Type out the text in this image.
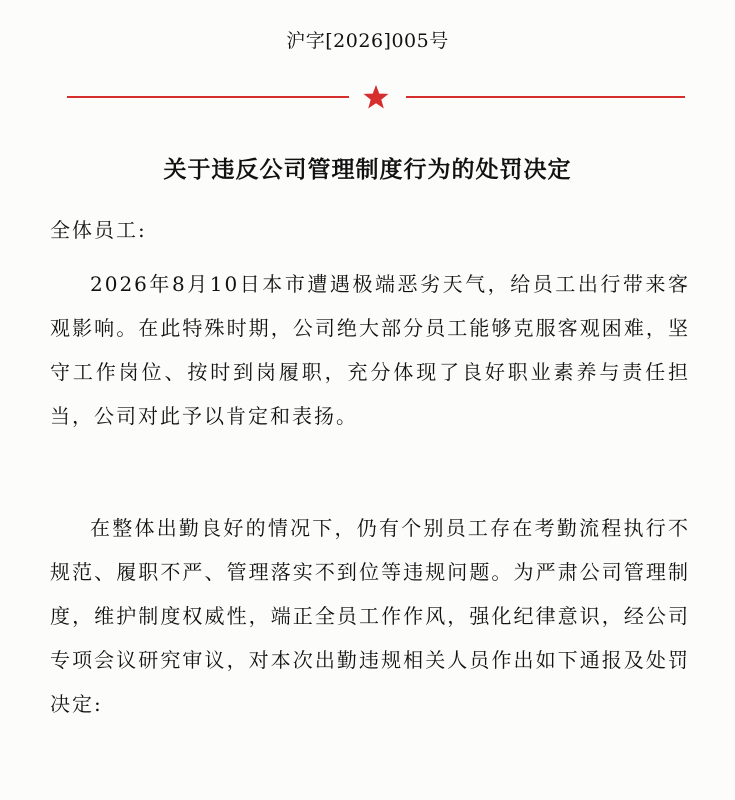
沪字[2026]005号
关于违反公司管理制度行为的处罚决定
全体员工:

2026年8月10日本市遭遇极端恶劣天气，给员工出行带来客观影响。在此特殊时期，公司绝大部分员工能够克服客观困难，坚守工作岗位、按时到岗履职，充分体现了良好职业素养与责任担当，公司对此予以肯定和表扬。

在整体出勤良好的情况下，仍有个别员工存在考勤流程执行不规范、履职不严、管理落实不到位等违规问题。为严肃公司管理制度，维护制度权威性，端正全员工作作风，强化纪律意识，经公司专项会议研究审议，对本次出勤违规相关人员作出如下通报及处罚决定:
